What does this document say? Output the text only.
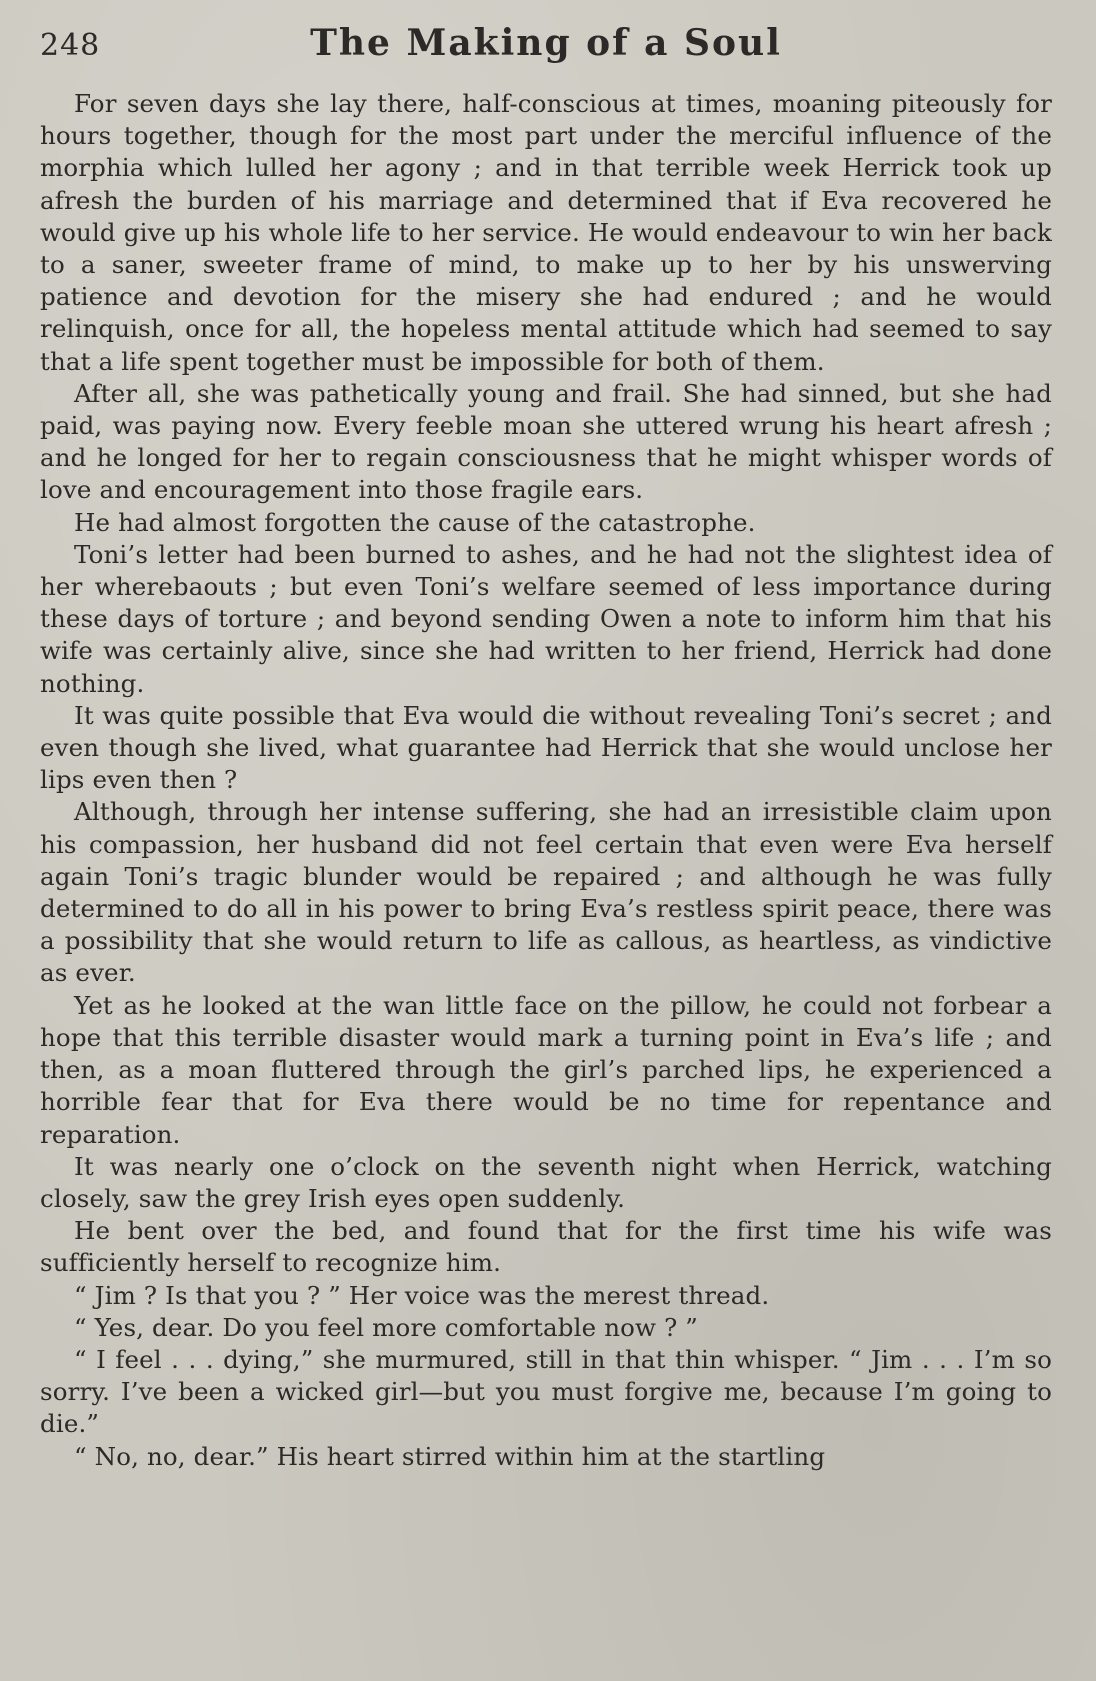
248	The Making of a Soul

For seven days she lay there, half-conscious at times, moaning piteously for hours together, though for the most part under the merciful influence of the morphia which lulled her agony ; and in that terrible week Herrick took up afresh the burden of his marriage and determined that if Eva recovered he would give up his whole life to her service. He would endeavour to win her back to a saner, sweeter frame of mind, to make up to her by his unswerving patience and devotion for the misery she had endured ; and he would relinquish, once for all, the hopeless mental attitude which had seemed to say that a life spent together must be impossible for both of them.

After all, she was pathetically young and frail. She had sinned, but she had paid, was paying now. Every feeble moan she uttered wrung his heart afresh ; and he longed for her to regain consciousness that he might whisper words of love and encouragement into those fragile ears.

He had almost forgotten the cause of the catastrophe.

Toni’s letter had been burned to ashes, and he had not the slightest idea of her wherebaouts ; but even Toni’s welfare seemed of less importance during these days of torture ; and beyond sending Owen a note to inform him that his wife was certainly alive, since she had written to her friend, Herrick had done nothing.

It was quite possible that Eva would die without revealing Toni’s secret ; and even though she lived, what guarantee had Herrick that she would unclose her lips even then ?

Although, through her intense suffering, she had an irresistible claim upon his compassion, her husband did not feel certain that even were Eva herself again Toni’s tragic blunder would be repaired ; and although he was fully determined to do all in his power to bring Eva’s restless spirit peace, there was a possibility that she would return to life as callous, as heartless, as vindictive as ever.

Yet as he looked at the wan little face on the pillow, he could not forbear a hope that this terrible disaster would mark a turning point in Eva’s life ; and then, as a moan fluttered through the girl’s parched lips, he experienced a horrible fear that for Eva there would be no time for repentance and reparation.

It was nearly one o’clock on the seventh night when Herrick, watching closely, saw the grey Irish eyes open suddenly.

He bent over the bed, and found that for the first time his wife was sufficiently herself to recognize him.

“ Jim ? Is that you ? ” Her voice was the merest thread.

“ Yes, dear. Do you feel more comfortable now ? ”

“ I feel . . . dying,” she murmured, still in that thin whisper. “ Jim . . . I’m so sorry. I’ve been a wicked girl—but you must forgive me, because I’m going to die.”

“ No, no, dear.” His heart stirred within him at the startling
